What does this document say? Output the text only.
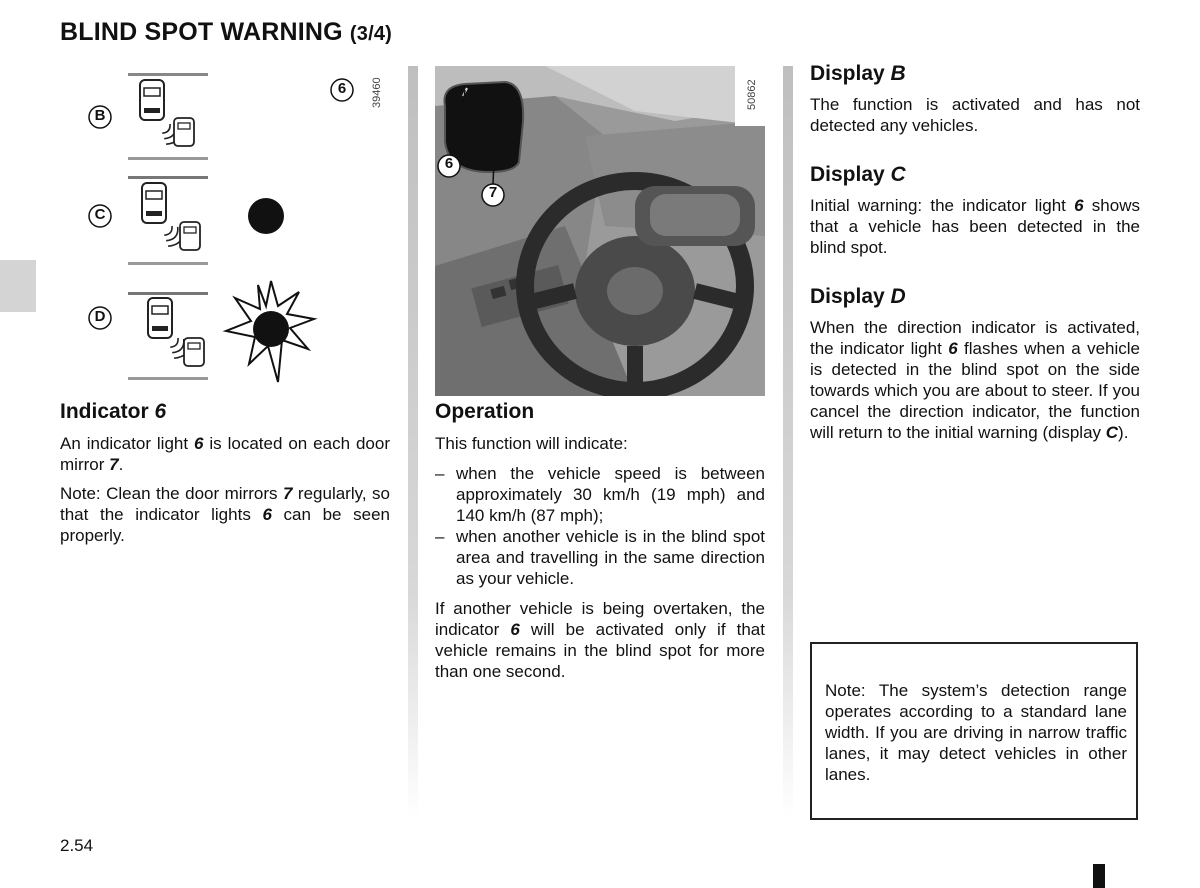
BLIND SPOT WARNING (3/4)
B
C
D
6	39460
6
7
50862
Indicator 6
An indicator light 6 is located on each door mirror 7.
Note: Clean the door mirrors 7 regularly, so that the indicator lights 6 can be seen properly.
Operation
This function will indicate:
– when the vehicle speed is between approximately 30 km/h (19 mph) and 140 km/h (87 mph);
– when another vehicle is in the blind spot area and travelling in the same direction as your vehicle.
If another vehicle is being overtaken, the indicator 6 will be activated only if that vehicle remains in the blind spot for more than one second.
Display B
The function is activated and has not detected any vehicles.
Display C
Initial warning: the indicator light 6 shows that a vehicle has been detected in the blind spot.
Display D
When the direction indicator is activated, the indicator light 6 flashes when a vehicle is detected in the blind spot on the side towards which you are about to steer. If you cancel the direction indicator, the function will return to the initial warning (display C).
Note: The system’s detection range operates according to a standard lane width. If you are driving in narrow traffic lanes, it may detect vehicles in other lanes.
2.54
